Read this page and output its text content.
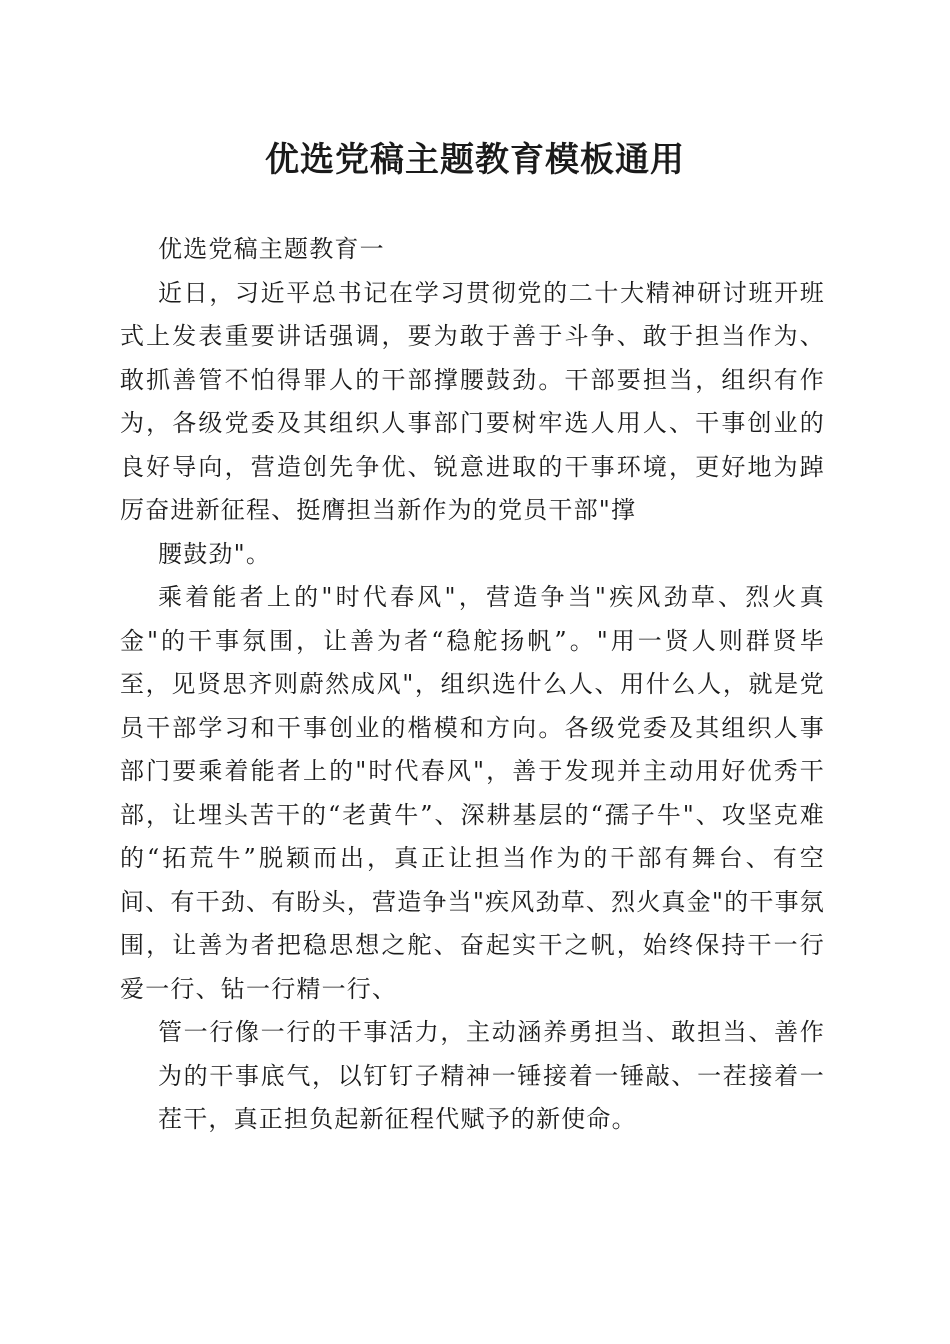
优选党稿主题教育模板通用

优选党稿主题教育一

近日，习近平总书记在学习贯彻党的二十大精神研讨班开班式上发表重要讲话强调，要为敢于善于斗争、敢于担当作为、敢抓善管不怕得罪人的干部撑腰鼓劲。干部要担当，组织有作为，各级党委及其组织人事部门要树牢选人用人、干事创业的良好导向，营造创先争优、锐意进取的干事环境，更好地为踔厉奋进新征程、挺膺担当新作为的党员干部"撑

腰鼓劲"。

乘着能者上的"时代春风"，营造争当"疾风劲草、烈火真金"的干事氛围，让善为者“稳舵扬帆”。"用一贤人则群贤毕至，见贤思齐则蔚然成风"，组织选什么人、用什么人，就是党员干部学习和干事创业的楷模和方向。各级党委及其组织人事部门要乘着能者上的"时代春风"，善于发现并主动用好优秀干部，让埋头苦干的“老黄牛”、深耕基层的“孺子牛"、攻坚克难的“拓荒牛”脱颖而出，真正让担当作为的干部有舞台、有空间、有干劲、有盼头，营造争当"疾风劲草、烈火真金"的干事氛围，让善为者把稳思想之舵、奋起实干之帆，始终保持干一行爱一行、钻一行精一行、

管一行像一行的干事活力，主动涵养勇担当、敢担当、善作为的干事底气，以钉钉子精神一锤接着一锤敲、一茬接着一茬干，真正担负起新征程代赋予的新使命。
